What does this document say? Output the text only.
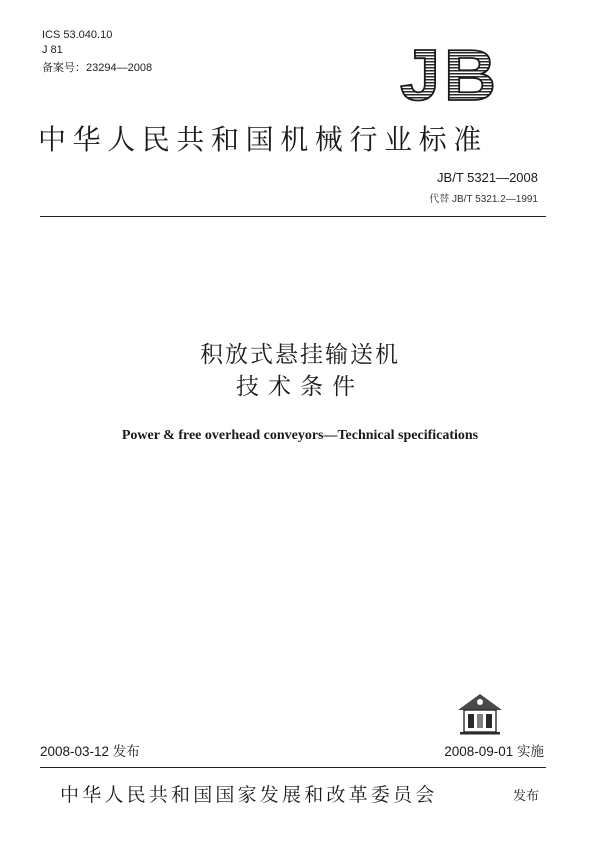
ICS 53.040.10
J 81
备案号：23294—2008	JB
中华人民共和国机械行业标准
JB/T 5321—2008
代替 JB/T 5321.2—1991
积放式悬挂输送机
技术条件
Power & free overhead conveyors—Technical specifications
2008-03-12 发布	2008-09-01 实施
中华人民共和国国家发展和改革委员会	发布
